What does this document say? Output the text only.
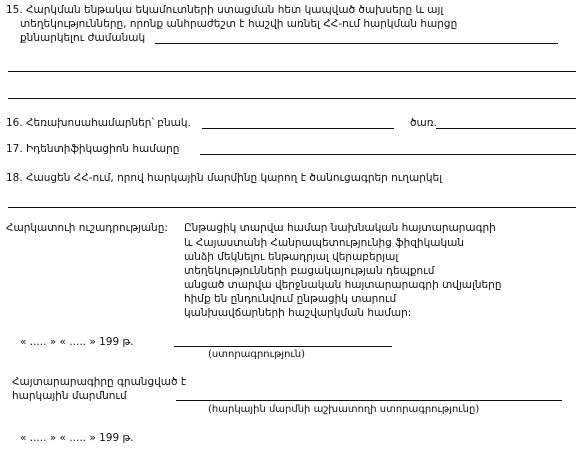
15. Հարկման ենթակա եկամուտների ստացման հետ կապված ծախսերը և այլ
տեղեկությունները, որոնք անհրաժեշտ է հաշվի առնել ՀՀ-ում հարկման հարցը
քննարկելու ժամանակ
16. Հեռախոսահամարներ՝ բնակ.	ծառ.
17. Իդենտիֆիկացիոն համարը
18. Հասցեն ՀՀ-ում, որով հարկային մարմինը կարող է ծանուցագրեր ուղարկել
Հարկատուի ուշադրությանը: Ընթացիկ տարվա համար նախնական հայտարարագրի
և Հայաստանի Հանրապետությունից ֆիզիկական
անձի մեկնելու ենթադրյալ վերաբերյալ
տեղեկությունների բացակայության դեպքում
անցած տարվա վերջնական հայտարարագրի տվյալները
հիմք են ընդունվում ընթացիկ տարում
կանխավճարների հաշվարկման համար:
« ..... » « ..... » 199 թ.
(ստորագրություն)
Հայտարարագիրը գրանցված է
հարկային մարմնում
(հարկային մարմնի աշխատողի ստորագրությունը)
« ..... » « ..... » 199 թ.
